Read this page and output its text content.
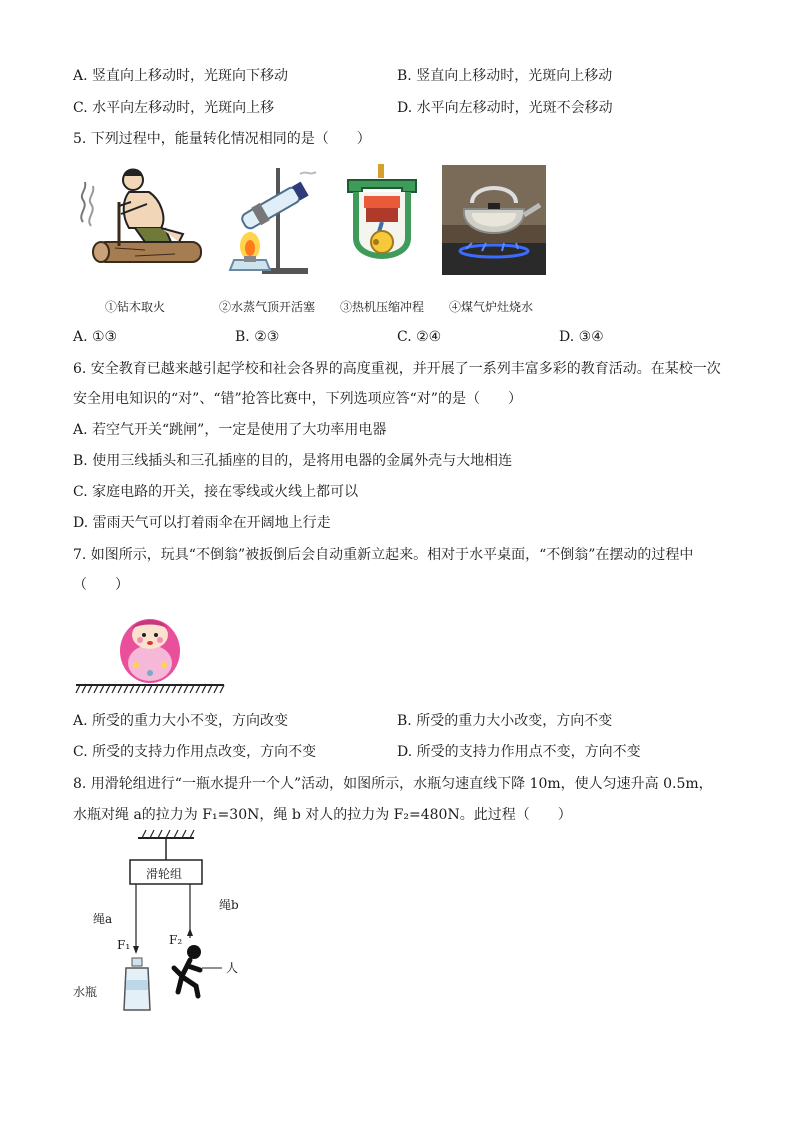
A. 竖直向上移动时，光斑向下移动	B. 竖直向上移动时，光斑向上移动
C. 水平向左移动时，光斑向上移	D. 水平向左移动时，光斑不会移动
5. 下列过程中，能量转化情况相同的是（　　）
①钻木取火	②水蒸气顶开活塞 ③热机压缩冲程 ④煤气炉灶烧水
A. ①③	B. ②③	C. ②④	D. ③④
6. 安全教育已越来越引起学校和社会各界的高度重视，并开展了一系列丰富多彩的教育活动。在某校一次
安全用电知识的“对”、“错”抢答比赛中，下列选项应答“对”的是（　　）
A. 若空气开关“跳闸”，一定是使用了大功率用电器
B. 使用三线插头和三孔插座的目的，是将用电器的金属外壳与大地相连
C. 家庭电路的开关，接在零线或火线上都可以
D. 雷雨天气可以打着雨伞在开阔地上行走
7. 如图所示，玩具“不倒翁”被扳倒后会自动重新立起来。相对于水平桌面，“不倒翁”在摆动的过程中
（　　）
A. 所受的重力大小不变，方向改变	B. 所受的重力大小改变，方向不变
C. 所受的支持力作用点改变，方向不变	D. 所受的支持力作用点不变，方向不变
8. 用滑轮组进行“一瓶水提升一个人”活动，如图所示，水瓶匀速直线下降 10m，使人匀速升高 0.5m，
水瓶对绳 a的拉力为 F₁=30N，绳 b 对人的拉力为 F₂=480N。此过程（　　）
滑轮组
绳a
绳b
F₁	F₂
人
水瓶
